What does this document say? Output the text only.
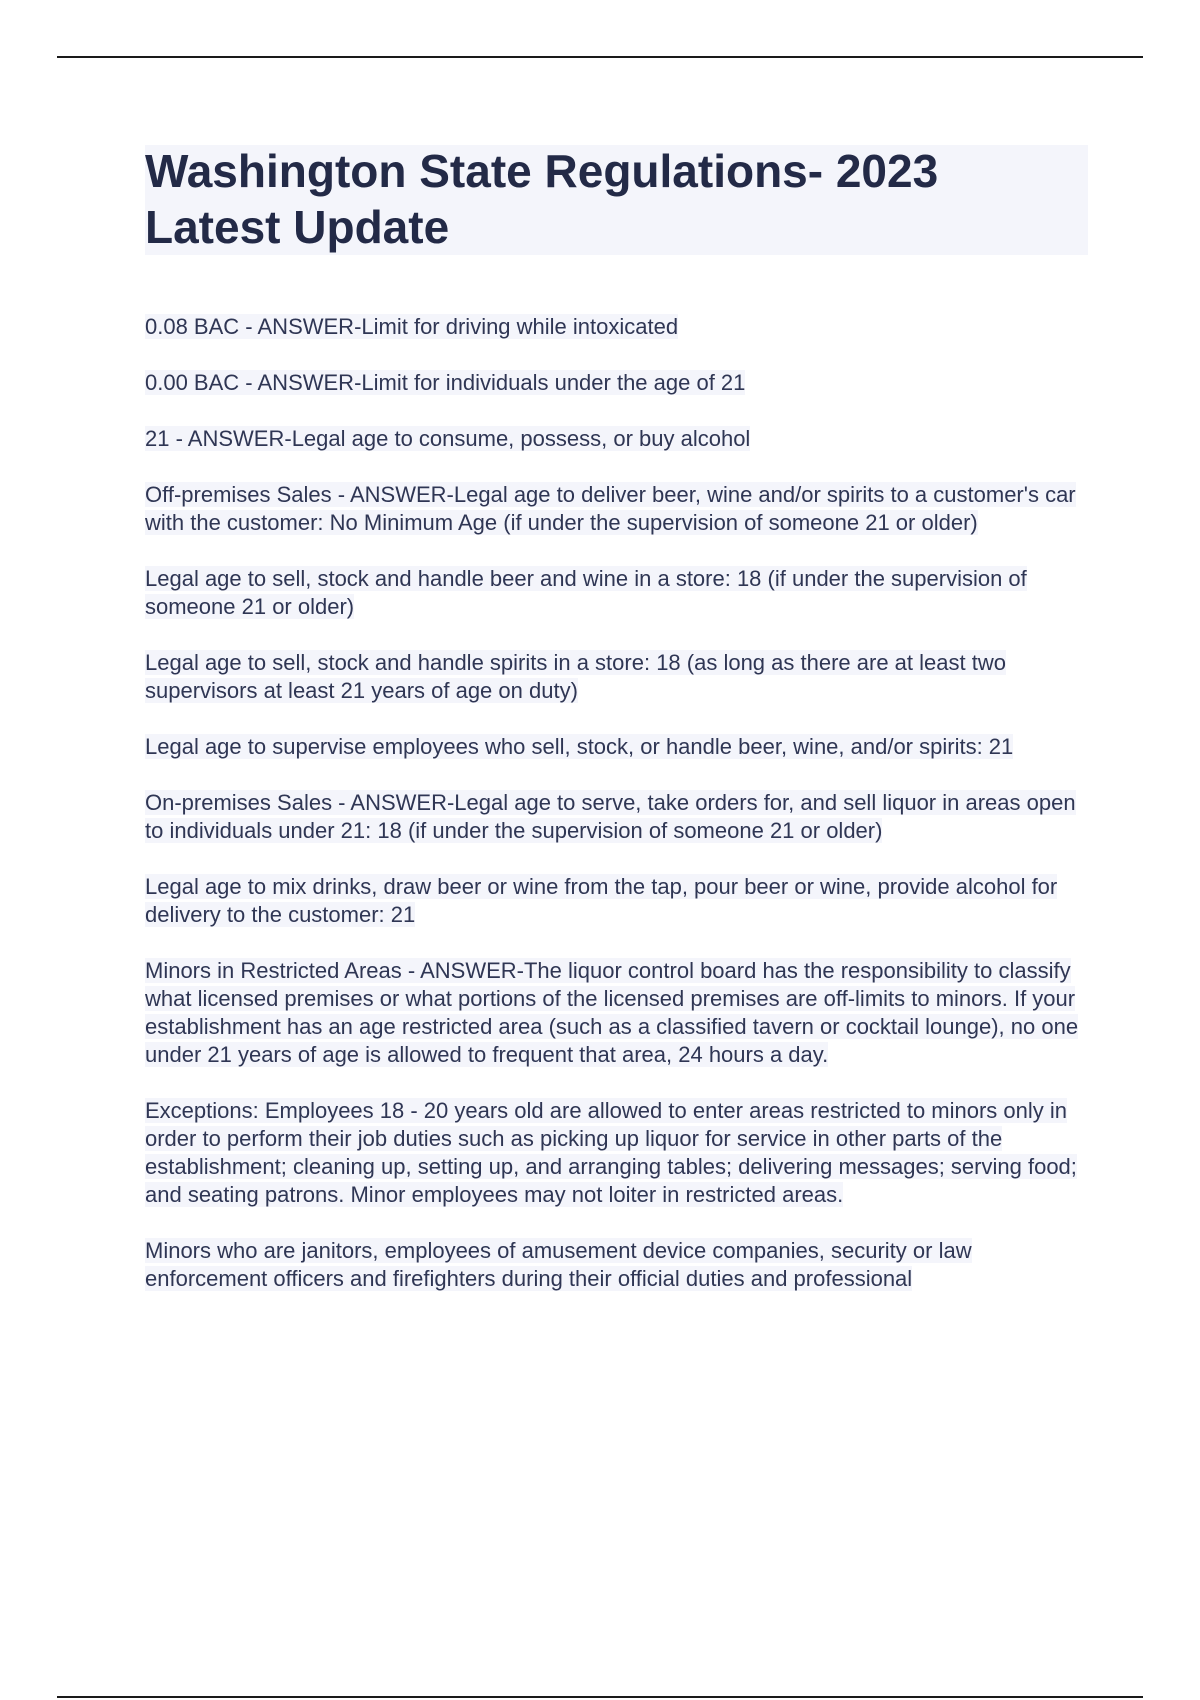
Washington State Regulations- 2023
Latest Update

0.08 BAC - ANSWER-Limit for driving while intoxicated

0.00 BAC - ANSWER-Limit for individuals under the age of 21

21 - ANSWER-Legal age to consume, possess, or buy alcohol

Off-premises Sales - ANSWER-Legal age to deliver beer, wine and/or spirits to a customer's car with the customer: No Minimum Age (if under the supervision of someone 21 or older)

Legal age to sell, stock and handle beer and wine in a store: 18 (if under the supervision of someone 21 or older)

Legal age to sell, stock and handle spirits in a store: 18 (as long as there are at least two supervisors at least 21 years of age on duty)

Legal age to supervise employees who sell, stock, or handle beer, wine, and/or spirits: 21

On-premises Sales - ANSWER-Legal age to serve, take orders for, and sell liquor in areas open to individuals under 21: 18 (if under the supervision of someone 21 or older)

Legal age to mix drinks, draw beer or wine from the tap, pour beer or wine, provide alcohol for delivery to the customer: 21

Minors in Restricted Areas - ANSWER-The liquor control board has the responsibility to classify what licensed premises or what portions of the licensed premises are off-limits to minors. If your establishment has an age restricted area (such as a classified tavern or cocktail lounge), no one under 21 years of age is allowed to frequent that area, 24 hours a day.

Exceptions: Employees 18 - 20 years old are allowed to enter areas restricted to minors only in order to perform their job duties such as picking up liquor for service in other parts of the establishment; cleaning up, setting up, and arranging tables; delivering messages; serving food; and seating patrons. Minor employees may not loiter in restricted areas.

Minors who are janitors, employees of amusement device companies, security or law enforcement officers and firefighters during their official duties and professional
